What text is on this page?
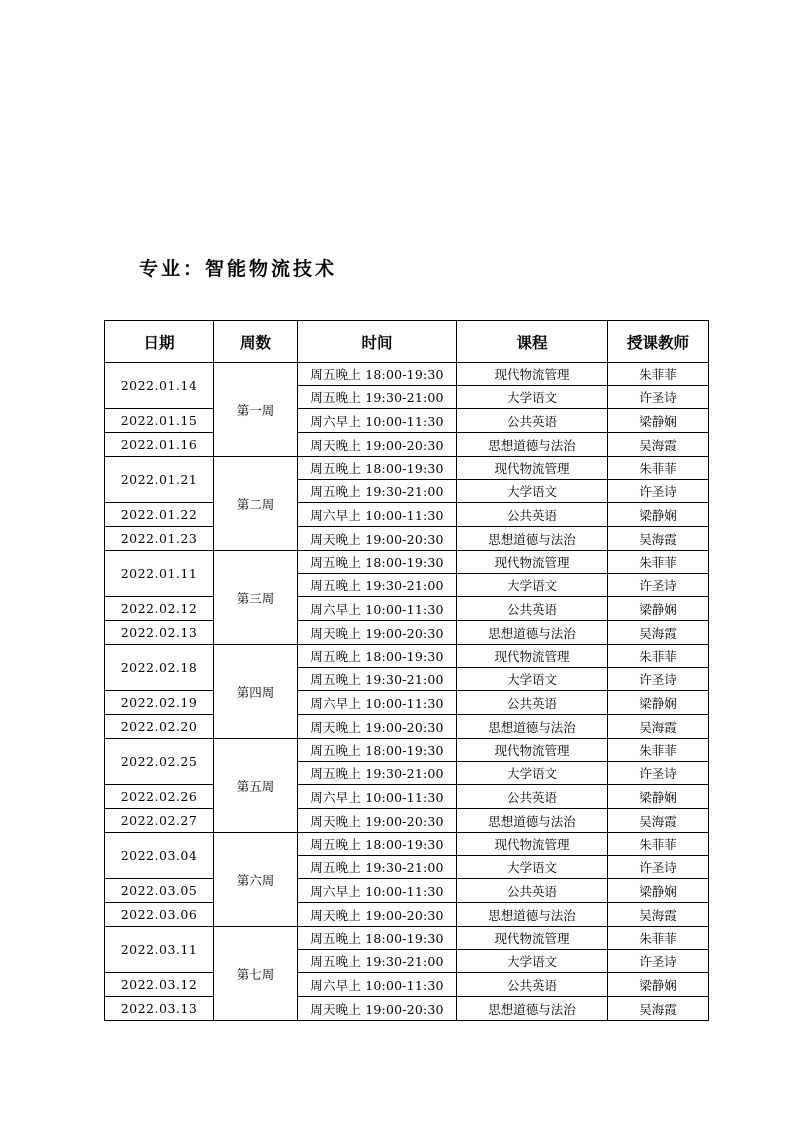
专业：智能物流技术
日期	周数	时间	课程	授课教师
2022.01.14	第一周	周五晚上 18:00-19:30	现代物流管理	朱菲菲
		周五晚上 19:30-21:00	大学语文	许圣诗
2022.01.15		周六早上 10:00-11:30	公共英语	梁静娴
2022.01.16		周天晚上 19:00-20:30	思想道德与法治	吴海霞
2022.01.21	第二周	周五晚上 18:00-19:30	现代物流管理	朱菲菲
		周五晚上 19:30-21:00	大学语文	许圣诗
2022.01.22		周六早上 10:00-11:30	公共英语	梁静娴
2022.01.23		周天晚上 19:00-20:30	思想道德与法治	吴海霞
2022.01.11	第三周	周五晚上 18:00-19:30	现代物流管理	朱菲菲
		周五晚上 19:30-21:00	大学语文	许圣诗
2022.02.12		周六早上 10:00-11:30	公共英语	梁静娴
2022.02.13		周天晚上 19:00-20:30	思想道德与法治	吴海霞
2022.02.18	第四周	周五晚上 18:00-19:30	现代物流管理	朱菲菲
		周五晚上 19:30-21:00	大学语文	许圣诗
2022.02.19		周六早上 10:00-11:30	公共英语	梁静娴
2022.02.20		周天晚上 19:00-20:30	思想道德与法治	吴海霞
2022.02.25	第五周	周五晚上 18:00-19:30	现代物流管理	朱菲菲
		周五晚上 19:30-21:00	大学语文	许圣诗
2022.02.26		周六早上 10:00-11:30	公共英语	梁静娴
2022.02.27		周天晚上 19:00-20:30	思想道德与法治	吴海霞
2022.03.04	第六周	周五晚上 18:00-19:30	现代物流管理	朱菲菲
		周五晚上 19:30-21:00	大学语文	许圣诗
2022.03.05		周六早上 10:00-11:30	公共英语	梁静娴
2022.03.06		周天晚上 19:00-20:30	思想道德与法治	吴海霞
2022.03.11	第七周	周五晚上 18:00-19:30	现代物流管理	朱菲菲
		周五晚上 19:30-21:00	大学语文	许圣诗
2022.03.12		周六早上 10:00-11:30	公共英语	梁静娴
2022.03.13		周天晚上 19:00-20:30	思想道德与法治	吴海霞
